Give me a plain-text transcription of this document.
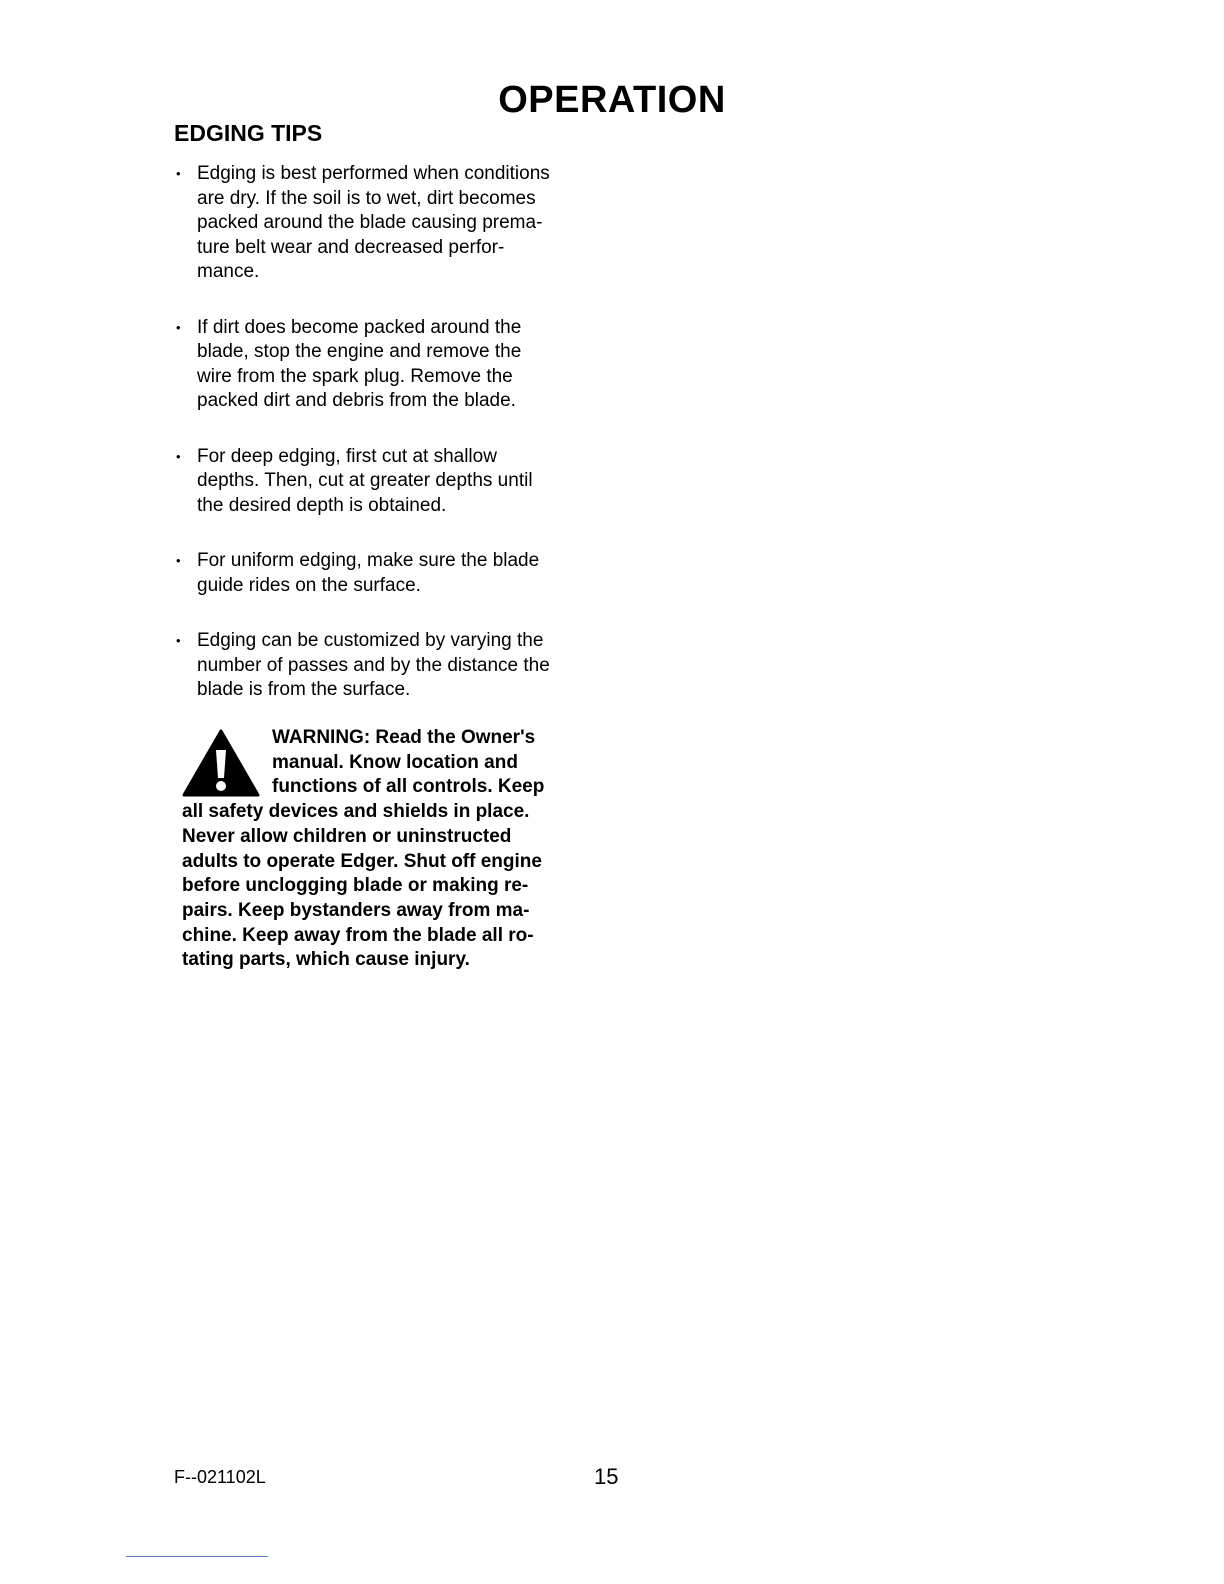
OPERATION
EDGING TIPS
• Edging is best performed when conditions
are dry. If the soil is to wet, dirt becomes
packed around the blade causing prema-
ture belt wear and decreased perfor-
mance.
• If dirt does become packed around the
blade, stop the engine and remove the
wire from the spark plug. Remove the
packed dirt and debris from the blade.
• For deep edging, first cut at shallow
depths. Then, cut at greater depths until
the desired depth is obtained.
• For uniform edging, make sure the blade
guide rides on the surface.
• Edging can be customized by varying the
number of passes and by the distance the
blade is from the surface.
WARNING: Read the Owner's
manual. Know location and
functions of all controls. Keep
all safety devices and shields in place.
Never allow children or uninstructed
adults to operate Edger. Shut off engine
before unclogging blade or making re-
pairs. Keep bystanders away from ma-
chine. Keep away from the blade all ro-
tating parts, which cause injury.
F--021102L	15
